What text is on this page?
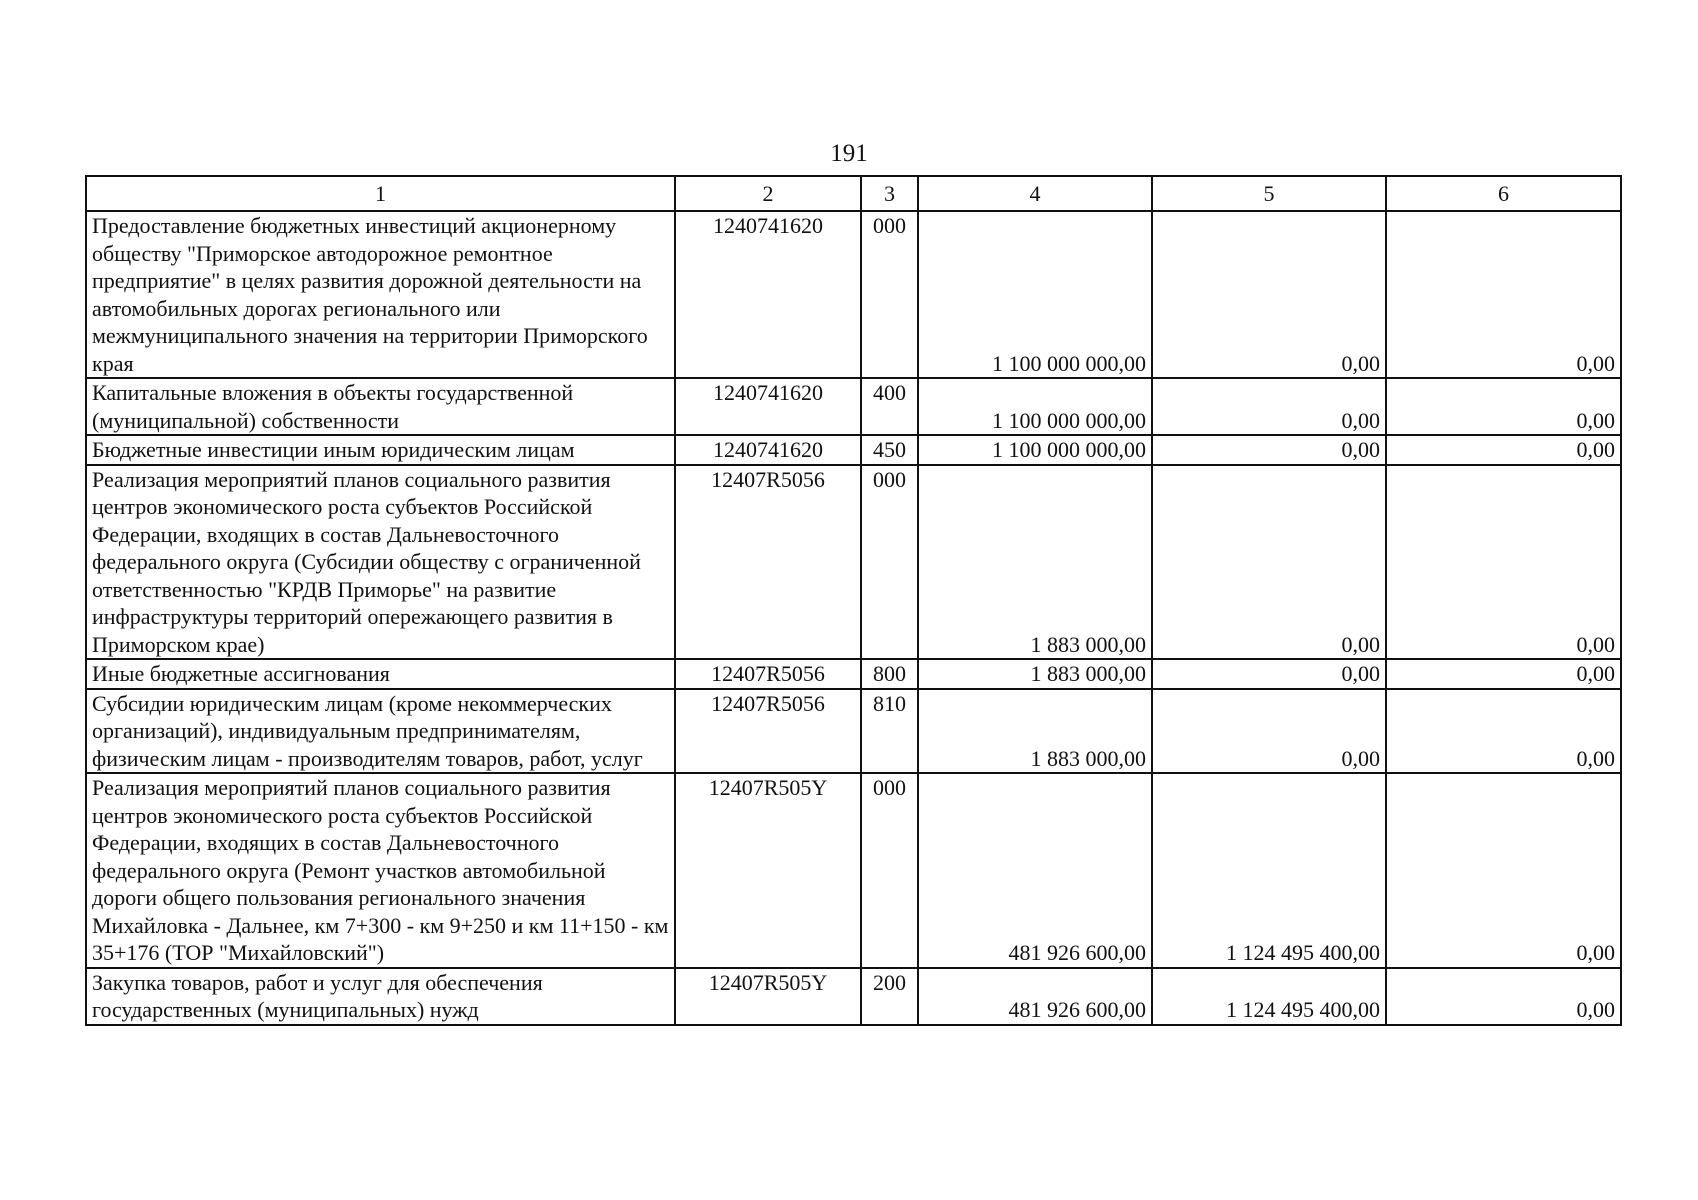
191
1	2	3	4	5	6
Предоставление бюджетных инвестиций акционерному обществу "Приморское автодорожное ремонтное предприятие" в целях развития дорожной деятельности на автомобильных дорогах регионального или межмуниципального значения на территории Приморского края	1240741620	000	1 100 000 000,00	0,00	0,00
Капитальные вложения в объекты государственной (муниципальной) собственности	1240741620	400	1 100 000 000,00	0,00	0,00
Бюджетные инвестиции иным юридическим лицам	1240741620	450	1 100 000 000,00	0,00	0,00
Реализация мероприятий планов социального развития центров экономического роста субъектов Российской Федерации, входящих в состав Дальневосточного федерального округа (Субсидии обществу с ограниченной ответственностью "КРДВ Приморье" на развитие инфраструктуры территорий опережающего развития в Приморском крае)	12407R5056	000	1 883 000,00	0,00	0,00
Иные бюджетные ассигнования	12407R5056	800	1 883 000,00	0,00	0,00
Субсидии юридическим лицам (кроме некоммерческих организаций), индивидуальным предпринимателям, физическим лицам - производителям товаров, работ, услуг	12407R5056	810	1 883 000,00	0,00	0,00
Реализация мероприятий планов социального развития центров экономического роста субъектов Российской Федерации, входящих в состав Дальневосточного федерального округа (Ремонт участков автомобильной дороги общего пользования регионального значения Михайловка - Дальнее, км 7+300 - км 9+250 и км 11+150 - км 35+176 (ТОР "Михайловский")	12407R505Y	000	481 926 600,00	1 124 495 400,00	0,00
Закупка товаров, работ и услуг для обеспечения государственных (муниципальных) нужд	12407R505Y	200	481 926 600,00	1 124 495 400,00	0,00
